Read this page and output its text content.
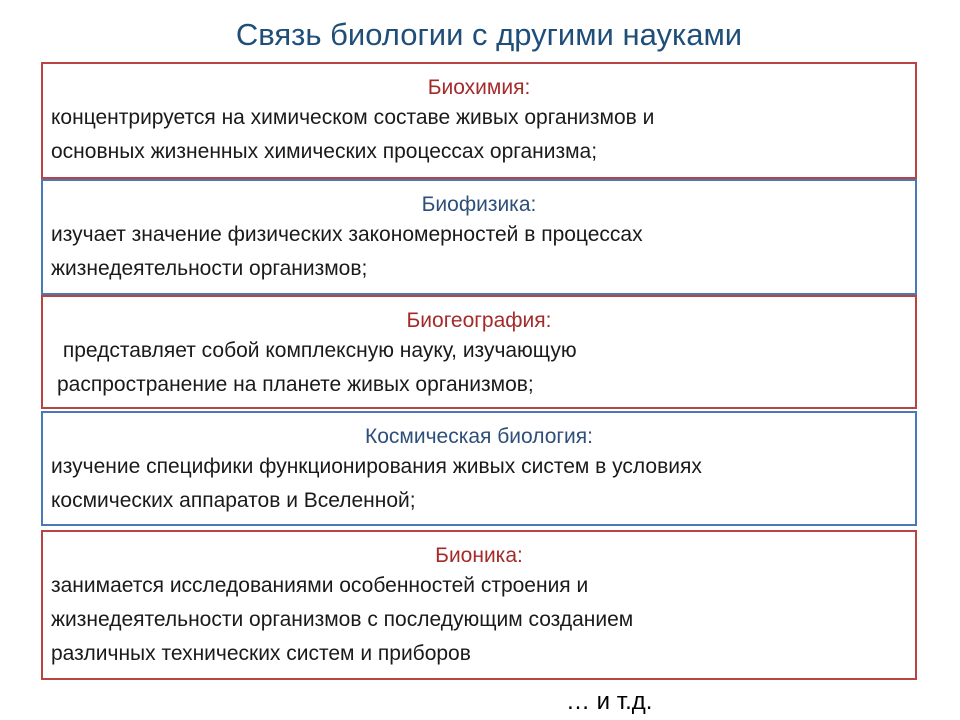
Связь биологии с другими науками
Биохимия:
концентрируется на химическом составе живых организмов и
основных жизненных химических процессах организма;
Биофизика:
изучает значение физических закономерностей в процессах
жизнедеятельности организмов;
Биогеография:
представляет собой комплексную науку, изучающую
распространение на планете живых организмов;
Космическая биология:
изучение специфики функционирования живых систем в условиях
космических аппаратов и Вселенной;
Бионика:
занимается исследованиями особенностей строения и
жизнедеятельности организмов с последующим созданием
различных технических систем и приборов
… и т.д.
